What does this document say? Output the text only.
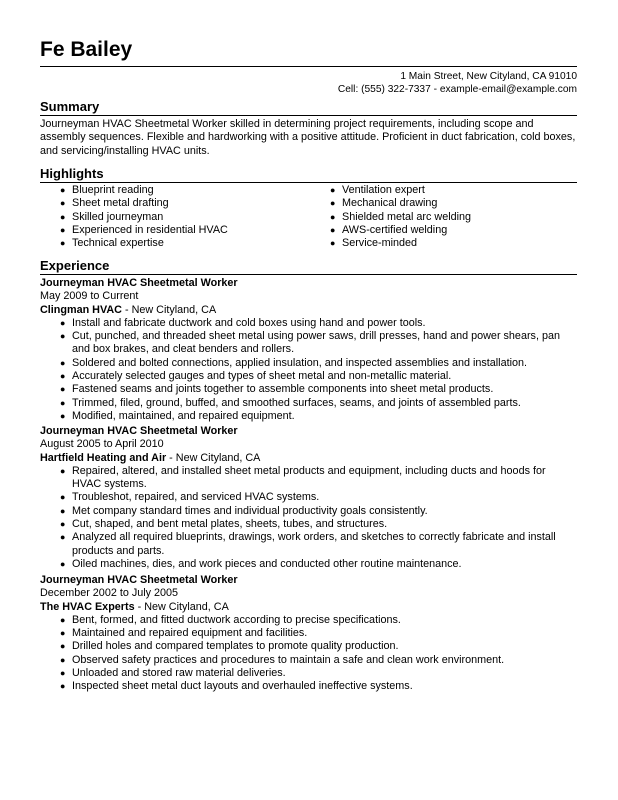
Fe Bailey
1 Main Street, New Cityland, CA 91010
Cell: (555) 322-7337 - example-email@example.com
Summary
Journeyman HVAC Sheetmetal Worker skilled in determining project requirements, including scope and assembly sequences. Flexible and hardworking with a positive attitude. Proficient in duct fabrication, cold boxes, and servicing/installing HVAC units.
Highlights
● Blueprint reading
● Sheet metal drafting
● Skilled journeyman
● Experienced in residential HVAC
● Technical expertise
● Ventilation expert
● Mechanical drawing
● Shielded metal arc welding
● AWS-certified welding
● Service-minded
Experience
Journeyman HVAC Sheetmetal Worker
May 2009 to Current
Clingman HVAC - New Cityland, CA
● Install and fabricate ductwork and cold boxes using hand and power tools.
● Cut, punched, and threaded sheet metal using power saws, drill presses, hand and power shears, pan and box brakes, and cleat benders and rollers.
● Soldered and bolted connections, applied insulation, and inspected assemblies and installation.
● Accurately selected gauges and types of sheet metal and non-metallic material.
● Fastened seams and joints together to assemble components into sheet metal products.
● Trimmed, filed, ground, buffed, and smoothed surfaces, seams, and joints of assembled parts.
● Modified, maintained, and repaired equipment.
Journeyman HVAC Sheetmetal Worker
August 2005 to April 2010
Hartfield Heating and Air - New Cityland, CA
● Repaired, altered, and installed sheet metal products and equipment, including ducts and hoods for HVAC systems.
● Troubleshot, repaired, and serviced HVAC systems.
● Met company standard times and individual productivity goals consistently.
● Cut, shaped, and bent metal plates, sheets, tubes, and structures.
● Analyzed all required blueprints, drawings, work orders, and sketches to correctly fabricate and install products and parts.
● Oiled machines, dies, and work pieces and conducted other routine maintenance.
Journeyman HVAC Sheetmetal Worker
December 2002 to July 2005
The HVAC Experts - New Cityland, CA
● Bent, formed, and fitted ductwork according to precise specifications.
● Maintained and repaired equipment and facilities.
● Drilled holes and compared templates to promote quality production.
● Observed safety practices and procedures to maintain a safe and clean work environment.
● Unloaded and stored raw material deliveries.
● Inspected sheet metal duct layouts and overhauled ineffective systems.
